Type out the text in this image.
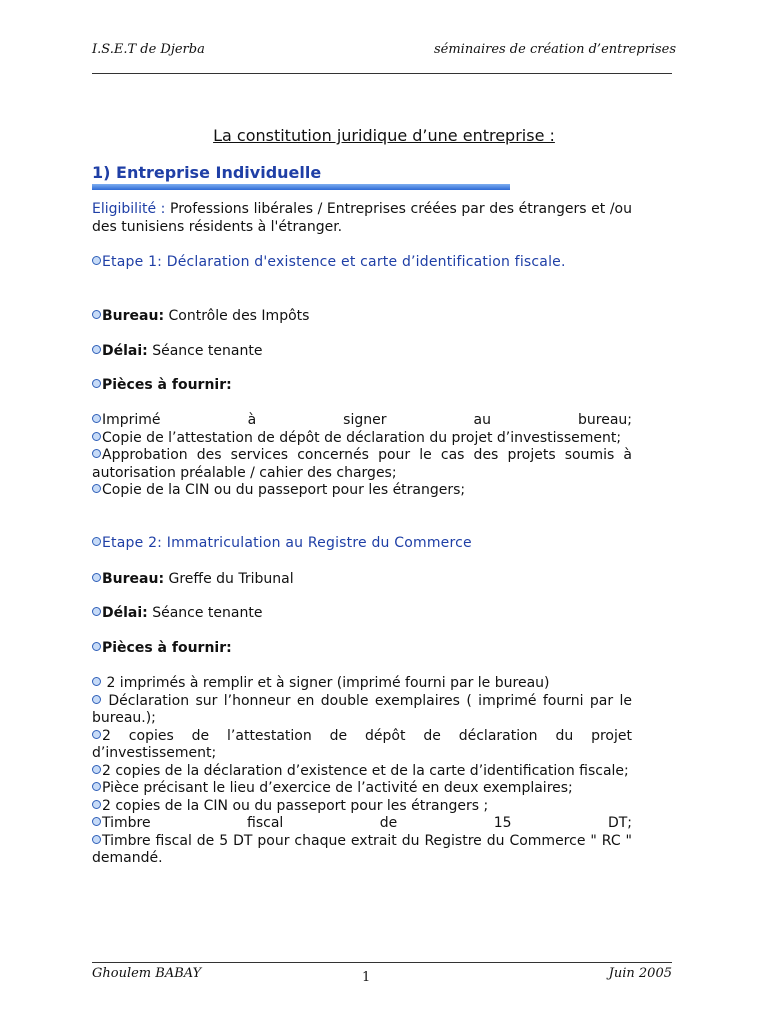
I.S.E.T de Djerba	séminaires de création d’entreprises
La constitution juridique d’une entreprise :
1) Entreprise Individuelle

Eligibilité : Professions libérales / Entreprises créées par des étrangers et /ou des tunisiens résidents à l'étranger.

Etape 1: Déclaration d'existence et carte d’identification fiscale.

Bureau: Contrôle des Impôts

Délai: Séance tenante

Pièces à fournir:

Imprimé à signer au bureau;

Copie de l’attestation de dépôt de déclaration du projet d’investissement;

Approbation des services concernés pour le cas des projets soumis à autorisation préalable / cahier des charges;

Copie de la CIN ou du passeport pour les étrangers;

Etape 2: Immatriculation au Registre du Commerce

Bureau: Greffe du Tribunal

Délai: Séance tenante

Pièces à fournir:

2 imprimés à remplir et à signer (imprimé fourni par le bureau)

Déclaration sur l’honneur en double exemplaires ( imprimé fourni par le bureau.);

2 copies de l’attestation de dépôt de déclaration du projet d’investissement;

2 copies de la déclaration d’existence et de la carte d’identification fiscale;

Pièce précisant le lieu d’exercice de l’activité en deux exemplaires;

2 copies de la CIN ou du passeport pour les étrangers ;

Timbre fiscal de 15 DT;

Timbre fiscal de 5 DT pour chaque extrait du Registre du Commerce " RC " demandé.

Ghoulem BABAY	1	Juin 2005
